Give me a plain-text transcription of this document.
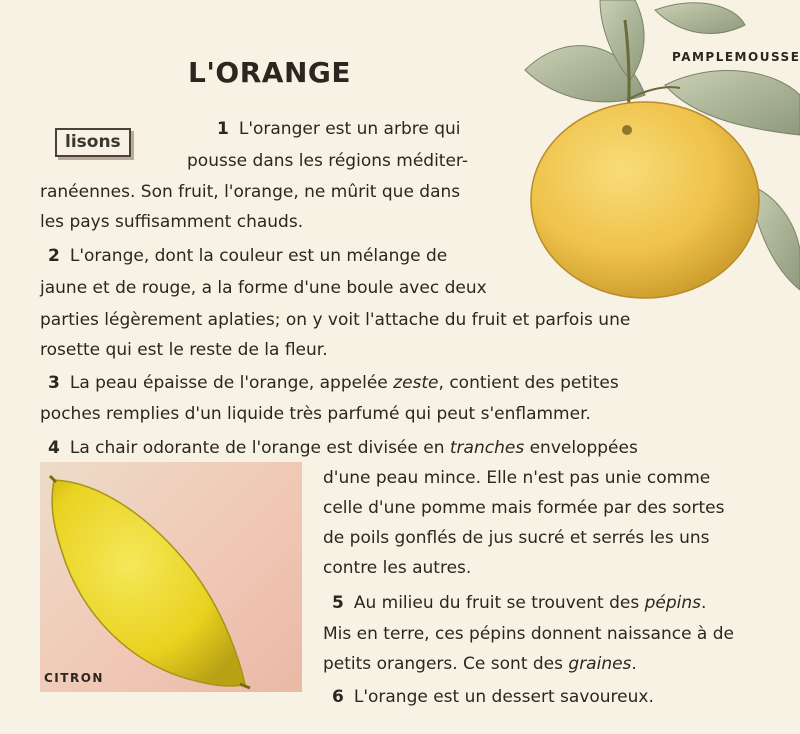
PAMPLEMOUSSE
CITRON
L'ORANGE
lisons
1 L'oranger est un arbre qui
pousse dans les régions méditer-
ranéennes. Son fruit, l'orange, ne mûrit que dans
les pays suffisamment chauds.
2 L'orange, dont la couleur est un mélange de
jaune et de rouge, a la forme d'une boule avec deux
parties légèrement aplaties; on y voit l'attache du fruit et parfois une
rosette qui est le reste de la fleur.
3 La peau épaisse de l'orange, appelée zeste, contient des petites
poches remplies d'un liquide très parfumé qui peut s'enflammer.
4 La chair odorante de l'orange est divisée en tranches enveloppées
d'une peau mince. Elle n'est pas unie comme
celle d'une pomme mais formée par des sortes
de poils gonflés de jus sucré et serrés les uns
contre les autres.
5 Au milieu du fruit se trouvent des pépins.
Mis en terre, ces pépins donnent naissance à de
petits orangers. Ce sont des graines.
6 L'orange est un dessert savoureux.
